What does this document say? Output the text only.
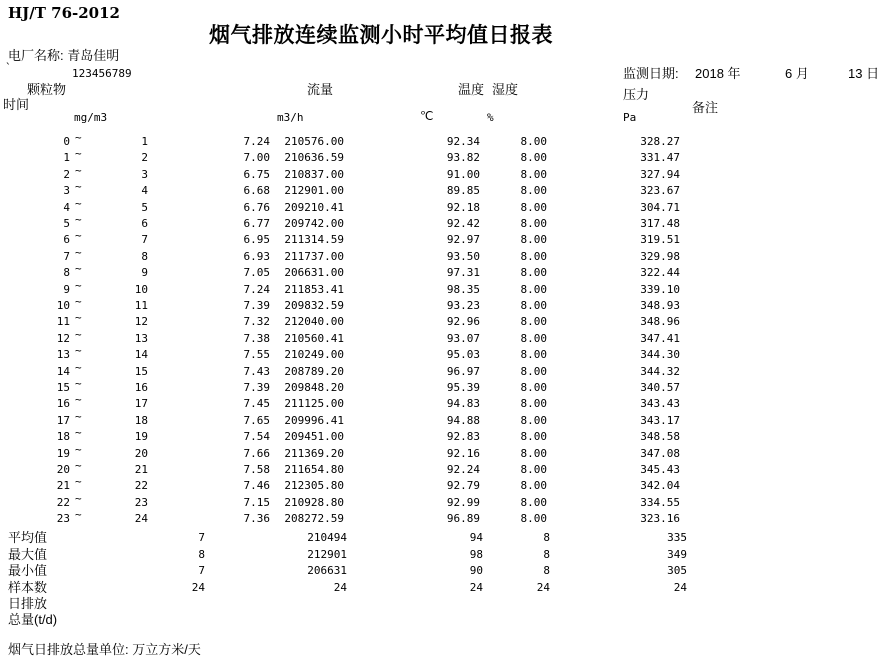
HJ/T 76-2012
烟气排放连续监测小时平均值日报表
电厂名称: 青岛佳明
`	123456789	监测日期: 2018 年	6 月	13 日
颗粒物	流量	温度 湿度	压力
时间	备注
mg/m3	m3/h	℃	%	Pa
0 ~	1	7.24 210576.00	92.34	8.00	328.27
1 ~	2	7.00 210636.59	93.82	8.00	331.47
2 ~	3	6.75 210837.00	91.00	8.00	327.94
3 ~	4	6.68 212901.00	89.85	8.00	323.67
4 ~	5	6.76 209210.41	92.18	8.00	304.71
5 ~	6	6.77 209742.00	92.42	8.00	317.48
6 ~	7	6.95 211314.59	92.97	8.00	319.51
7 ~	8	6.93 211737.00	93.50	8.00	329.98
8 ~	9	7.05 206631.00	97.31	8.00	322.44
9 ~	10	7.24 211853.41	98.35	8.00	339.10
10 ~	11	7.39 209832.59	93.23	8.00	348.93
11 ~	12	7.32 212040.00	92.96	8.00	348.96
12 ~	13	7.38 210560.41	93.07	8.00	347.41
13 ~	14	7.55 210249.00	95.03	8.00	344.30
14 ~	15	7.43 208789.20	96.97	8.00	344.32
15 ~	16	7.39 209848.20	95.39	8.00	340.57
16 ~	17	7.45 211125.00	94.83	8.00	343.43
17 ~	18	7.65 209996.41	94.88	8.00	343.17
18 ~	19	7.54 209451.00	92.83	8.00	348.58
19 ~	20	7.66 211369.20	92.16	8.00	347.08
20 ~	21	7.58 211654.80	92.24	8.00	345.43
21 ~	22	7.46 212305.80	92.79	8.00	342.04
22 ~	23	7.15 210928.80	92.99	8.00	334.55
23 ~	24	7.36 208272.59	96.89	8.00	323.16
平均值	7	210494	94	8	335
最大值	8	212901	98	8	349
最小值	7	206631	90	8	305
样本数	24	24	24	24	24
日排放
总量(t/d)
烟气日排放总量单位: 万立方米/天
